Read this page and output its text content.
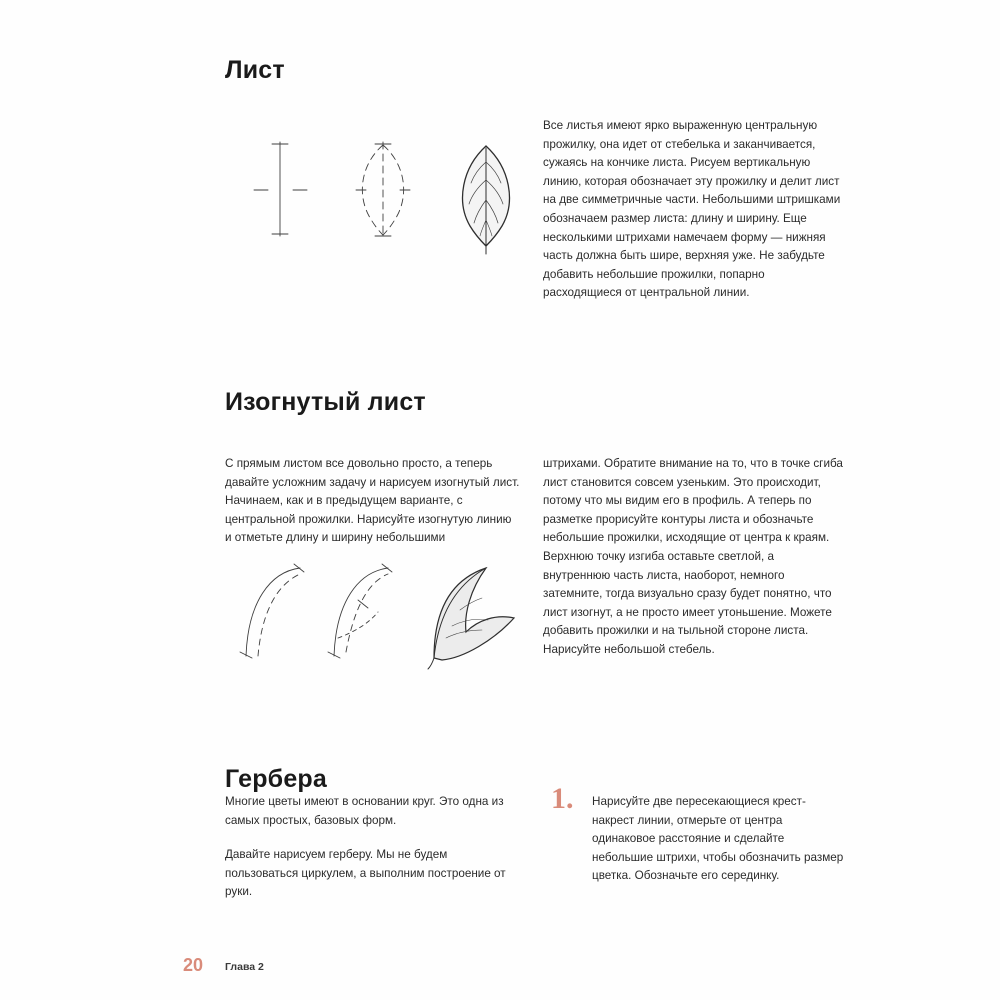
Лист

Все листья имеют ярко выраженную центральную прожилку, она идет от стебелька и заканчивается, сужаясь на кончике листа. Рисуем вертикальную линию, которая обозначает эту прожилку и делит лист на две симметричные части. Небольшими штришками обозначаем размер листа: длину и ширину. Еще несколькими штрихами намечаем форму — нижняя часть должна быть шире, верхняя уже. Не забудьте добавить небольшие прожилки, попарно расходящиеся от центральной линии.

Изогнутый лист

С прямым листом все довольно просто, а теперь давайте усложним задачу и нарисуем изогнутый лист. Начинаем, как и в предыдущем варианте, с центральной прожилки. Нарисуйте изогнутую линию и отметьте длину и ширину небольшими

штрихами. Обратите внимание на то, что в точке сгиба лист становится совсем узеньким. Это происходит, потому что мы видим его в профиль. А теперь по разметке прорисуйте контуры листа и обозначьте небольшие прожилки, исходящие от центра к краям. Верхнюю точку изгиба оставьте светлой, а внутреннюю часть листа, наоборот, немного затемните, тогда визуально сразу будет понятно, что лист изогнут, а не просто имеет утоньшение. Можете добавить прожилки и на тыльной стороне листа. Нарисуйте небольшой стебель.

Гербера

Многие цветы имеют в основании круг. Это одна из самых простых, базовых форм.

Давайте нарисуем герберу. Мы не будем пользоваться циркулем, а выполним построение от руки.

1. Нарисуйте две пересекающиеся крест-накрест линии, отмерьте от центра одинаковое расстояние и сделайте небольшие штрихи, чтобы обозначить размер цветка. Обозначьте его серединку.

20 Глава 2
